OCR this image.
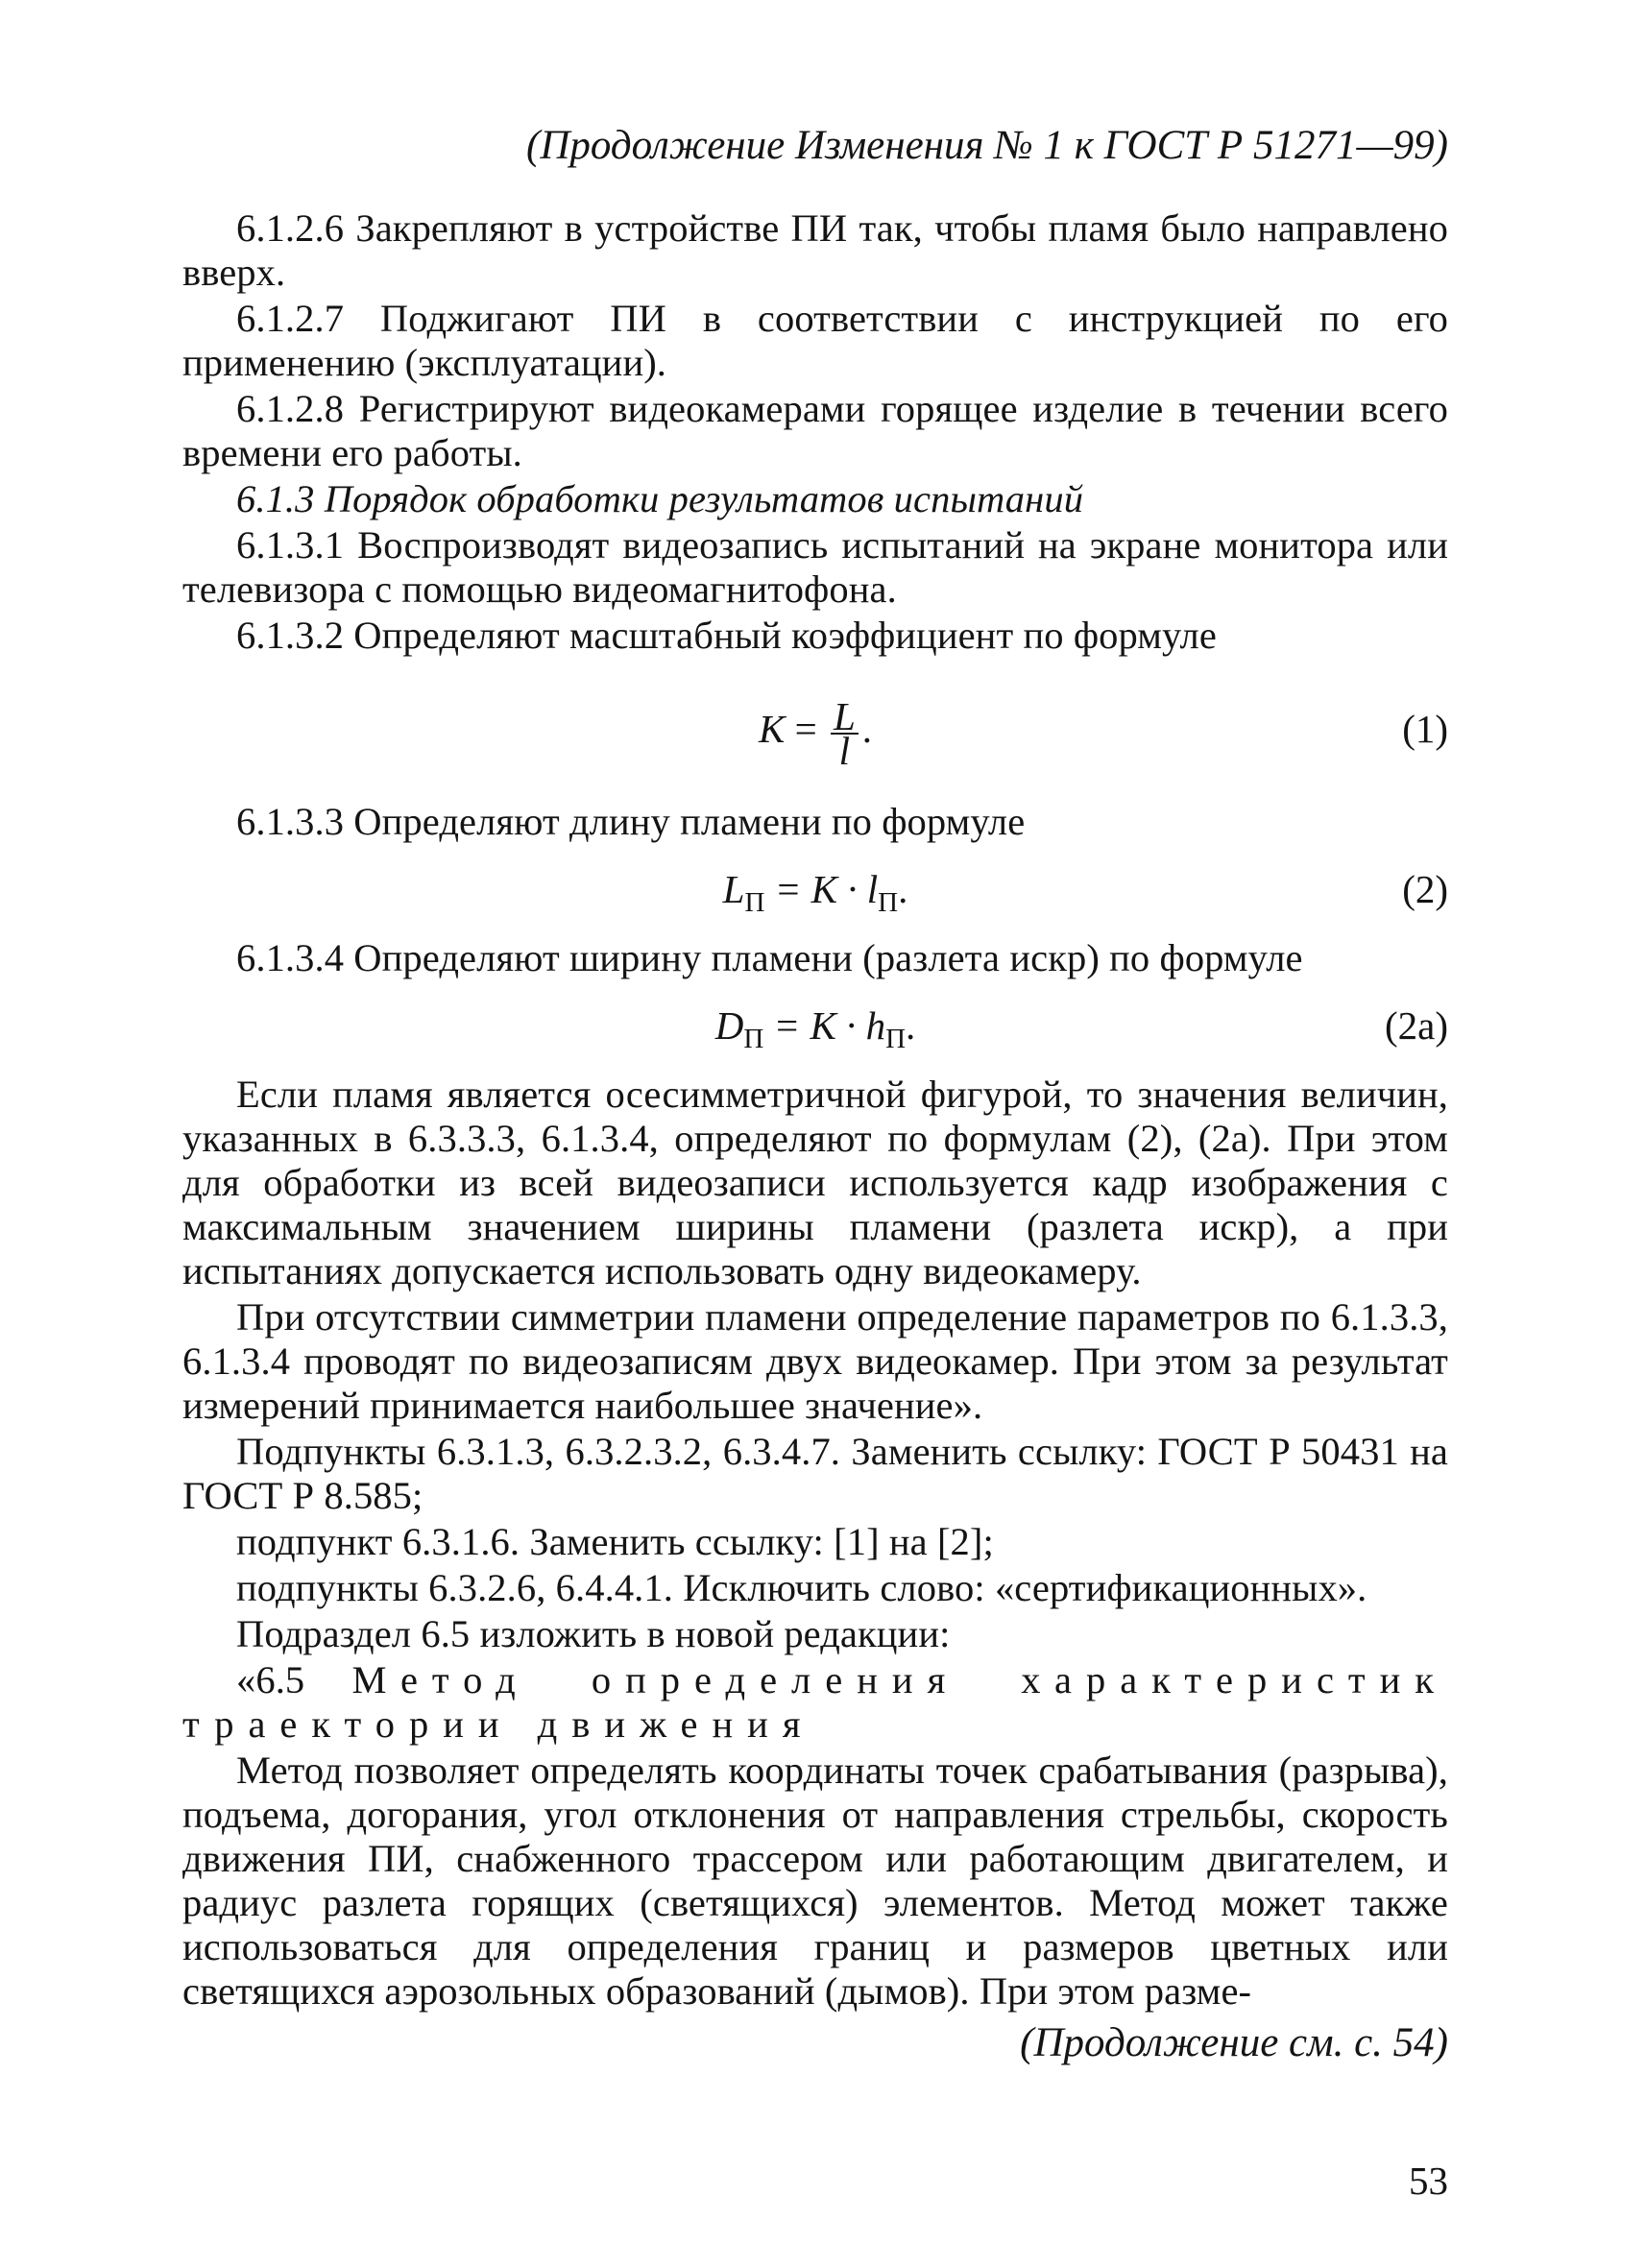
(Продолжение Изменения № 1 к ГОСТ Р 51271—99)

6.1.2.6 Закрепляют в устройстве ПИ так, чтобы пламя было направлено вверх.

6.1.2.7 Поджигают ПИ в соответствии с инструкцией по его применению (эксплуатации).

6.1.2.8 Регистрируют видеокамерами горящее изделие в течении всего времени его работы.

6.1.3 Порядок обработки результатов испытаний

6.1.3.1 Воспроизводят видеозапись испытаний на экране монитора или телевизора с помощью видеомагнитофона.

6.1.3.2 Определяют масштабный коэффициент по формуле

$K = \frac{L}{l}$ .	(1)

6.1.3.3 Определяют длину пламени по формуле

$L_П = K \cdot l_П$.	(2)

6.1.3.4 Определяют ширину пламени (разлета искр) по формуле

$D_П = K \cdot h_П$.	(2а)

Если пламя является осесимметричной фигурой, то значения величин, указанных в 6.3.3.3, 6.1.3.4, определяют по формулам (2), (2а). При этом для обработки из всей видеозаписи используется кадр изображения с максимальным значением ширины пламени (разлета искр), а при испытаниях допускается использовать одну видеокамеру.

При отсутствии симметрии пламени определение параметров по 6.1.3.3, 6.1.3.4 проводят по видеозаписям двух видеокамер. При этом за результат измерений принимается наибольшее значение».

Подпункты 6.3.1.3, 6.3.2.3.2, 6.3.4.7. Заменить ссылку: ГОСТ Р 50431 на ГОСТ Р 8.585;

подпункт 6.3.1.6. Заменить ссылку: [1] на [2];

подпункты 6.3.2.6, 6.4.4.1. Исключить слово: «сертификационных».

Подраздел 6.5 изложить в новой редакции:

«6.5 Метод определения характеристик траектории движения

Метод позволяет определять координаты точек срабатывания (разрыва), подъема, догорания, угол отклонения от направления стрельбы, скорость движения ПИ, снабженного трассером или работающим двигателем, и радиус разлета горящих (светящихся) элементов. Метод может также использоваться для определения границ и размеров цветных или светящихся аэрозольных образований (дымов). При этом разме-

(Продолжение см. с. 54)
53
